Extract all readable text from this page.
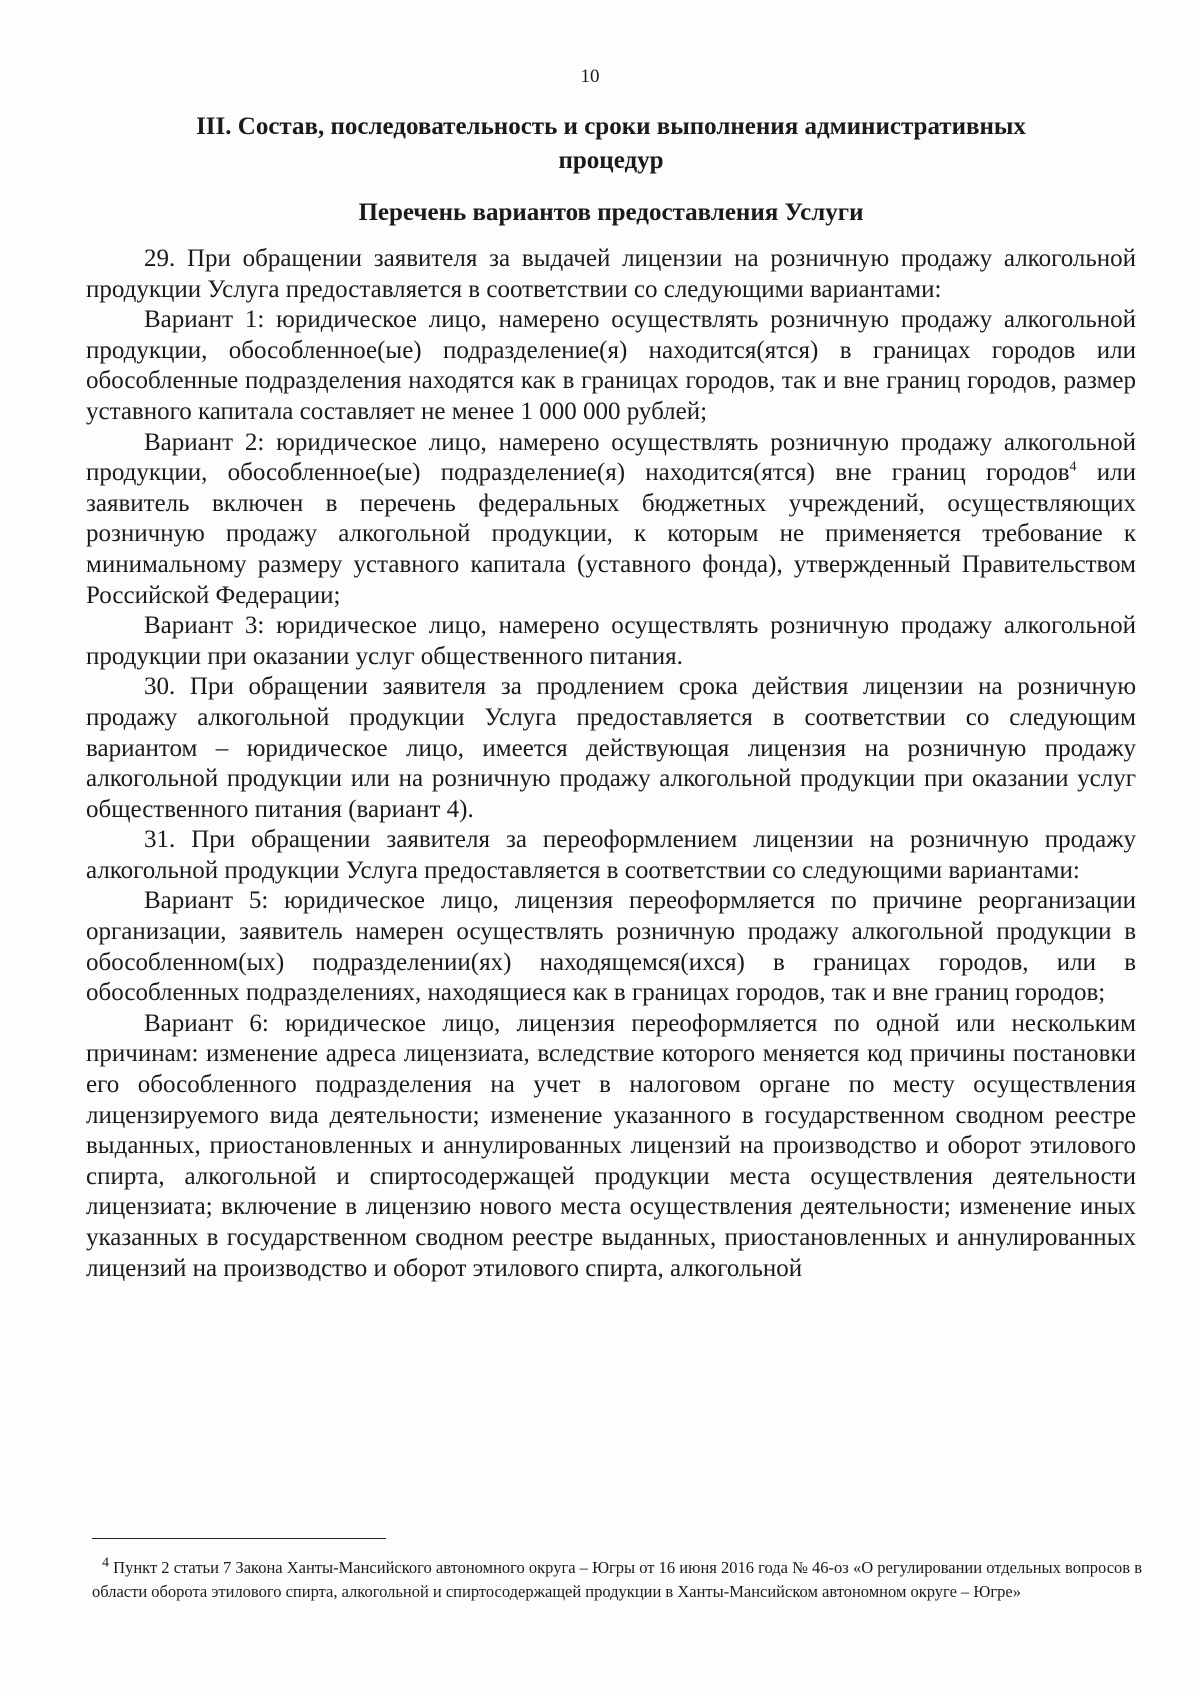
10
III. Состав, последовательность и сроки выполнения административных
процедур
Перечень вариантов предоставления Услуги

29. При обращении заявителя за выдачей лицензии на розничную продажу алкогольной продукции Услуга предоставляется в соответствии со следующими вариантами:

Вариант 1: юридическое лицо, намерено осуществлять розничную продажу алкогольной продукции, обособленное(ые) подразделение(я) находится(ятся) в границах городов или обособленные подразделения находятся как в границах городов, так и вне границ городов, размер уставного капитала составляет не менее 1 000 000 рублей;

Вариант 2: юридическое лицо, намерено осуществлять розничную продажу алкогольной продукции, обособленное(ые) подразделение(я) находится(ятся) вне границ городов$^4$ или заявитель включен в перечень федеральных бюджетных учреждений, осуществляющих розничную продажу алкогольной продукции, к которым не применяется требование к минимальному размеру уставного капитала (уставного фонда), утвержденный Правительством Российской Федерации;

Вариант 3: юридическое лицо, намерено осуществлять розничную продажу алкогольной продукции при оказании услуг общественного питания.

30. При обращении заявителя за продлением срока действия лицензии на розничную продажу алкогольной продукции Услуга предоставляется в соответствии со следующим вариантом – юридическое лицо, имеется действующая лицензия на розничную продажу алкогольной продукции или на розничную продажу алкогольной продукции при оказании услуг общественного питания (вариант 4).

31. При обращении заявителя за переоформлением лицензии на розничную продажу алкогольной продукции Услуга предоставляется в соответствии со следующими вариантами:

Вариант 5: юридическое лицо, лицензия переоформляется по причине реорганизации организации, заявитель намерен осуществлять розничную продажу алкогольной продукции в обособленном(ых) подразделении(ях) находящемся(ихся) в границах городов, или в обособленных подразделениях, находящиеся как в границах городов, так и вне границ городов;

Вариант 6: юридическое лицо, лицензия переоформляется по одной или нескольким причинам: изменение адреса лицензиата, вследствие которого меняется код причины постановки его обособленного подразделения на учет в налоговом органе по месту осуществления лицензируемого вида деятельности; изменение указанного в государственном сводном реестре выданных, приостановленных и аннулированных лицензий на производство и оборот этилового спирта, алкогольной и спиртосодержащей продукции места осуществления деятельности лицензиата; включение в лицензию нового места осуществления деятельности; изменение иных указанных в государственном сводном реестре выданных, приостановленных и аннулированных лицензий на производство и оборот этилового спирта, алкогольной

$^4$ Пункт 2 статьи 7 Закона Ханты-Мансийского автономного округа – Югры от 16 июня 2016 года № 46-оз «О регулировании отдельных вопросов в области оборота этилового спирта, алкогольной и спиртосодержащей продукции в Ханты-Мансийском автономном округе – Югре»
